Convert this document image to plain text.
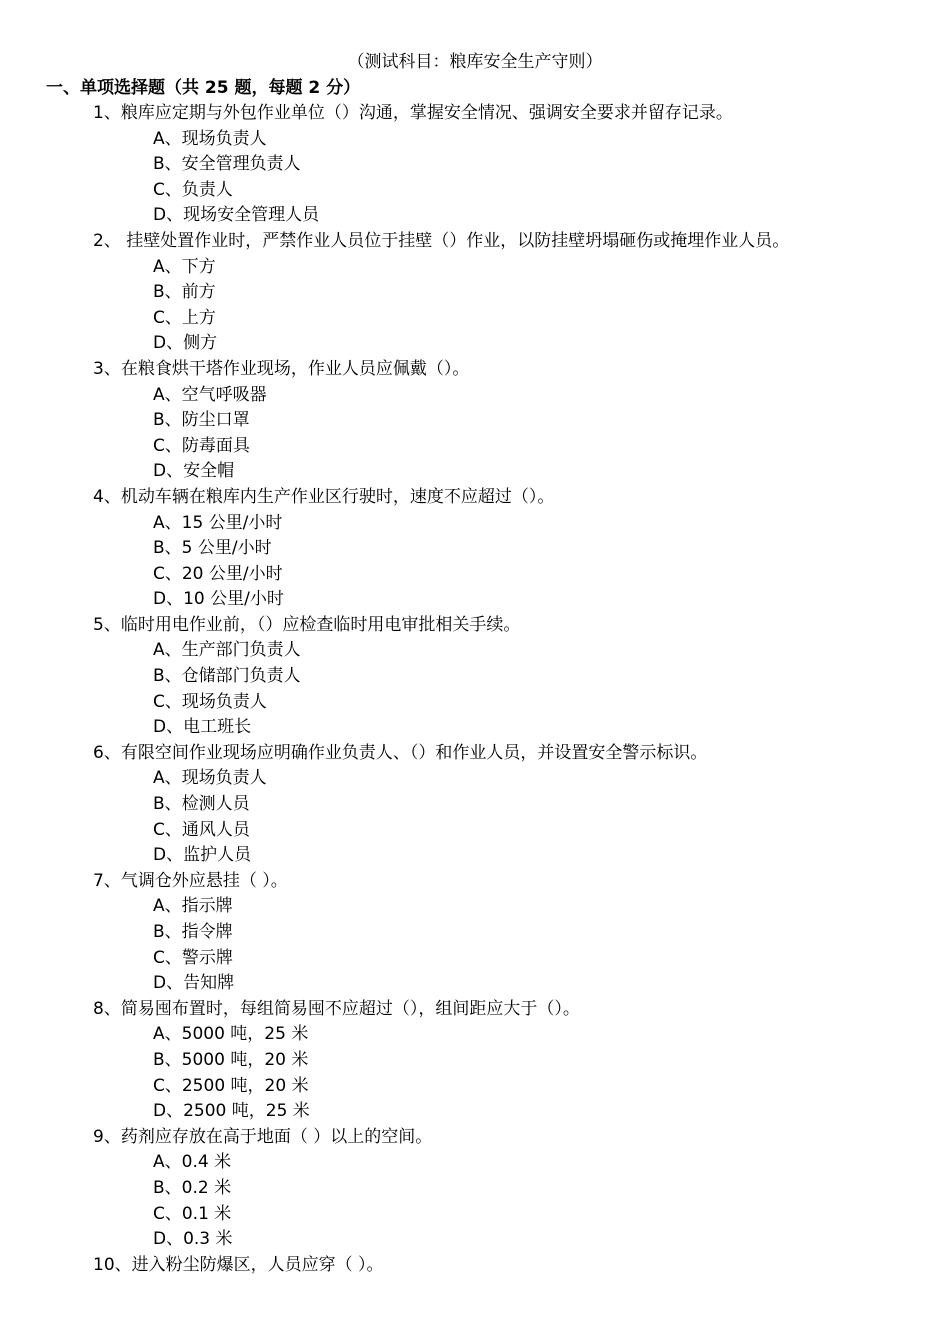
（测试科目：粮库安全生产守则）
一、单项选择题（共 25 题，每题 2 分）
1、粮库应定期与外包作业单位（）沟通，掌握安全情况、强调安全要求并留存记录。
A、现场负责人
B、安全管理负责人
C、负责人
D、现场安全管理人员
2、 挂壁处置作业时，严禁作业人员位于挂壁（）作业，以防挂壁坍塌砸伤或掩埋作业人员。
A、下方
B、前方
C、上方
D、侧方
3、在粮食烘干塔作业现场，作业人员应佩戴（）。
A、空气呼吸器
B、防尘口罩
C、防毒面具
D、安全帽
4、机动车辆在粮库内生产作业区行驶时，速度不应超过（）。
A、15 公里/小时
B、5 公里/小时
C、20 公里/小时
D、10 公里/小时
5、临时用电作业前，（）应检查临时用电审批相关手续。
A、生产部门负责人
B、仓储部门负责人
C、现场负责人
D、电工班长
6、有限空间作业现场应明确作业负责人、（）和作业人员，并设置安全警示标识。
A、现场负责人
B、检测人员
C、通风人员
D、监护人员
7、气调仓外应悬挂（ ）。
A、指示牌
B、指令牌
C、警示牌
D、告知牌
8、简易囤布置时，每组简易囤不应超过（），组间距应大于（）。
A、5000 吨，25 米
B、5000 吨，20 米
C、2500 吨，20 米
D、2500 吨，25 米
9、药剂应存放在高于地面（ ）以上的空间。
A、0.4 米
B、0.2 米
C、0.1 米
D、0.3 米
10、进入粉尘防爆区，人员应穿（ ）。
